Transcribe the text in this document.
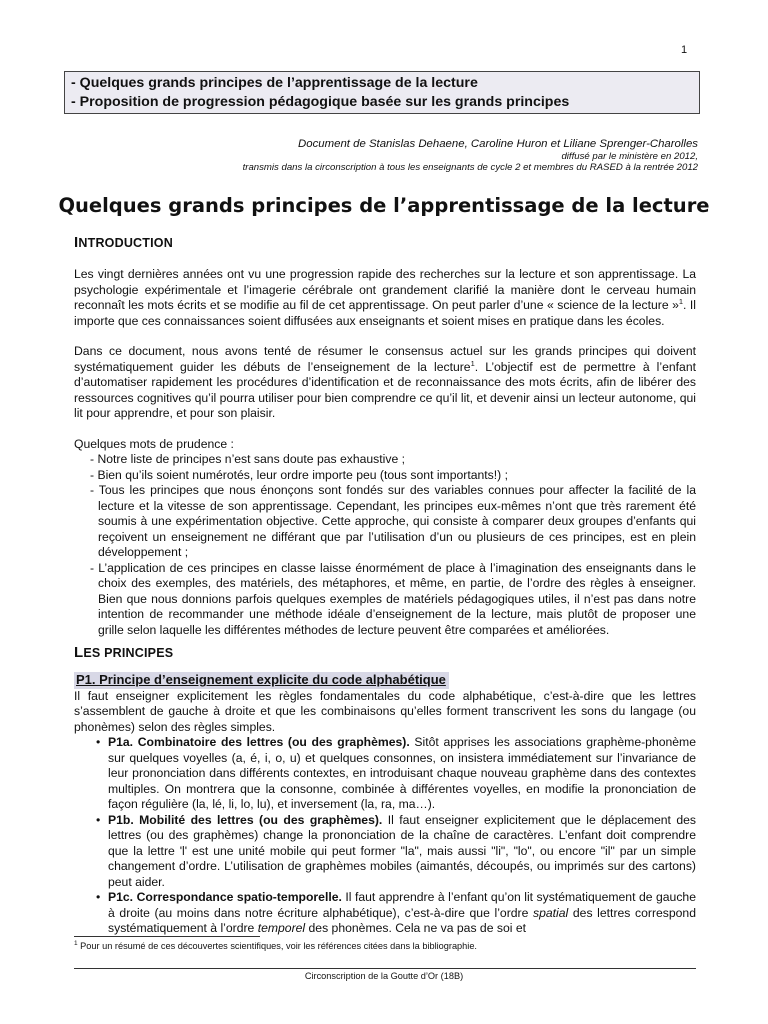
1
- Quelques grands principes de l’apprentissage de la lecture
- Proposition de progression pédagogique basée sur les grands principes
Document de Stanislas Dehaene, Caroline Huron et Liliane Sprenger-Charolles
diffusé par le ministère en 2012,
transmis dans la circonscription à tous les enseignants de cycle 2 et membres du RASED à la rentrée 2012
Quelques grands principes de l’apprentissage de la lecture
INTRODUCTION

Les vingt dernières années ont vu une progression rapide des recherches sur la lecture et son apprentissage. La psychologie expérimentale et l’imagerie cérébrale ont grandement clarifié la manière dont le cerveau humain reconnaît les mots écrits et se modifie au fil de cet apprentissage. On peut parler d’une « science de la lecture »$^1$. Il importe que ces connaissances soient diffusées aux enseignants et soient mises en pratique dans les écoles.

Dans ce document, nous avons tenté de résumer le consensus actuel sur les grands principes qui doivent systématiquement guider les débuts de l’enseignement de la lecture$^1$. L’objectif est de permettre à l’enfant d’automatiser rapidement les procédures d’identification et de reconnaissance des mots écrits, afin de libérer des ressources cognitives qu’il pourra utiliser pour bien comprendre ce qu’il lit, et devenir ainsi un lecteur autonome, qui lit pour apprendre, et pour son plaisir.

Quelques mots de prudence :

- Notre liste de principes n’est sans doute pas exhaustive ;
- Bien qu’ils soient numérotés, leur ordre importe peu (tous sont importants!) ;
- Tous les principes que nous énonçons sont fondés sur des variables connues pour affecter la facilité de la lecture et la vitesse de son apprentissage. Cependant, les principes eux-mêmes n’ont que très rarement été soumis à une expérimentation objective. Cette approche, qui consiste à comparer deux groupes d’enfants qui reçoivent un enseignement ne différant que par l’utilisation d’un ou plusieurs de ces principes, est en plein développement ;
- L’application de ces principes en classe laisse énormément de place à l’imagination des enseignants dans le choix des exemples, des matériels, des métaphores, et même, en partie, de l’ordre des règles à enseigner. Bien que nous donnions parfois quelques exemples de matériels pédagogiques utiles, il n’est pas dans notre intention de recommander une méthode idéale d’enseignement de la lecture, mais plutôt de proposer une grille selon laquelle les différentes méthodes de lecture peuvent être comparées et améliorées.
LES PRINCIPES
P1. Principe d’enseignement explicite du code alphabétique

Il faut enseigner explicitement les règles fondamentales du code alphabétique, c’est-à-dire que les lettres s’assemblent de gauche à droite et que les combinaisons qu’elles forment transcrivent les sons du langage (ou phonèmes) selon des règles simples.

• P1a. Combinatoire des lettres (ou des graphèmes). Sitôt apprises les associations graphème-phonème sur quelques voyelles (a, é, i, o, u) et quelques consonnes, on insistera immédiatement sur l’invariance de leur prononciation dans différents contextes, en introduisant chaque nouveau graphème dans des contextes multiples. On montrera que la consonne, combinée à différentes voyelles, en modifie la prononciation de façon régulière (la, lé, li, lo, lu), et inversement (la, ra, ma…).
• P1b. Mobilité des lettres (ou des graphèmes). Il faut enseigner explicitement que le déplacement des lettres (ou des graphèmes) change la prononciation de la chaîne de caractères. L’enfant doit comprendre que la lettre 'l' est une unité mobile qui peut former "la", mais aussi "li", "lo", ou encore "il" par un simple changement d’ordre. L’utilisation de graphèmes mobiles (aimantés, découpés, ou imprimés sur des cartons) peut aider.
• P1c. Correspondance spatio-temporelle. Il faut apprendre à l’enfant qu’on lit systématiquement de gauche à droite (au moins dans notre écriture alphabétique), c’est-à-dire que l’ordre spatial des lettres correspond systématiquement à l’ordre temporel des phonèmes. Cela ne va pas de soi et
$^1$ Pour un résumé de ces découvertes scientifiques, voir les références citées dans la bibliographie.
Circonscription de la Goutte d’Or (18B)
